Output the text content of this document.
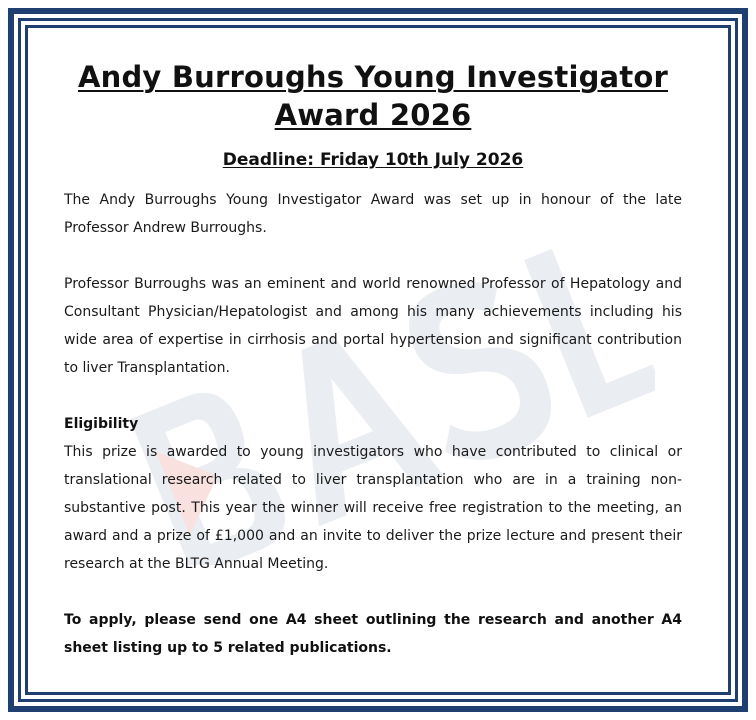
Andy Burroughs Young Investigator Award 2026

Deadline: Friday 10th July 2026

The Andy Burroughs Young Investigator Award was set up in honour of the late Professor Andrew Burroughs.

Professor Burroughs was an eminent and world renowned Professor of Hepatology and Consultant Physician/Hepatologist and among his many achievements including his wide area of expertise in cirrhosis and portal hypertension and significant contribution to liver Transplantation.

Eligibility

This prize is awarded to young investigators who have contributed to clinical or translational research related to liver transplantation who are in a training non-substantive post. This year the winner will receive free registration to the meeting, an award and a prize of £1,000 and an invite to deliver the prize lecture and present their research at the BLTG Annual Meeting.

To apply, please send one A4 sheet outlining the research and another A4 sheet listing up to 5 related publications.
